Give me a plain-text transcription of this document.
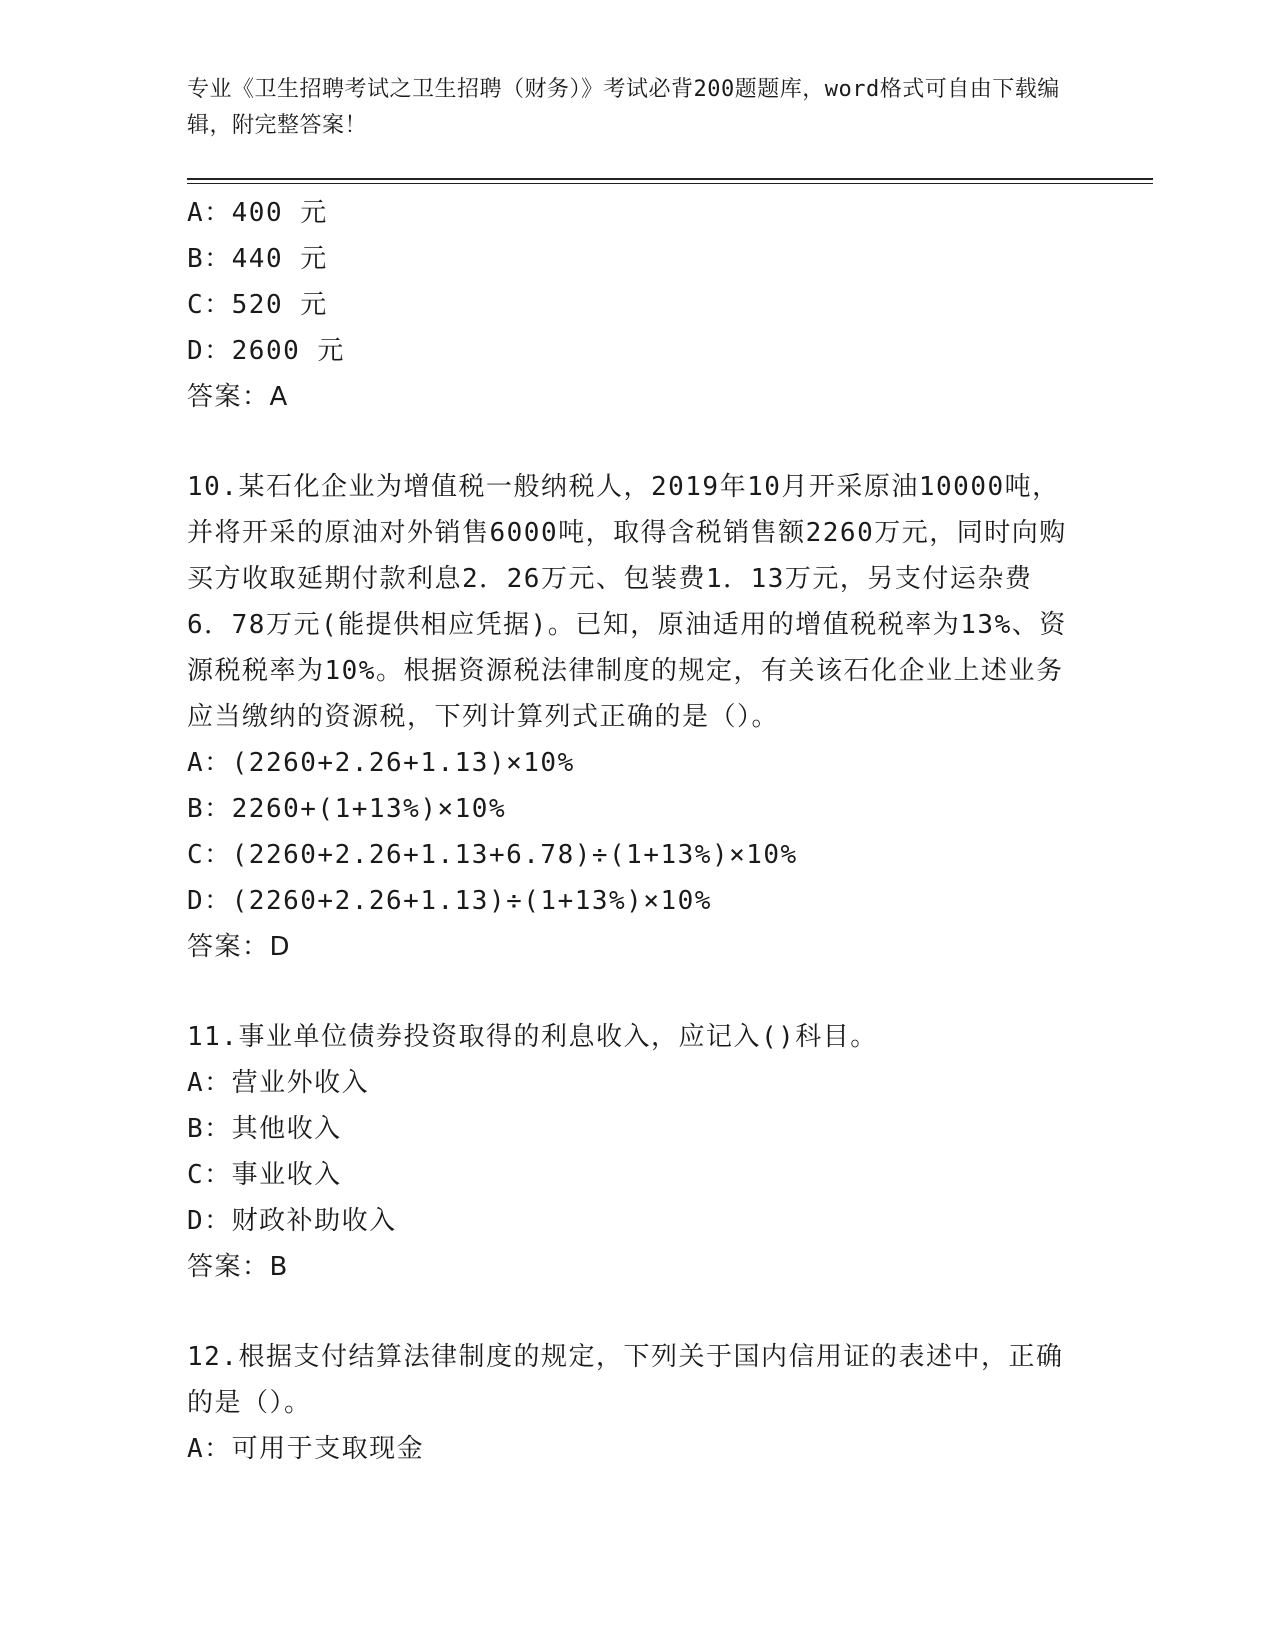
专业《卫生招聘考试之卫生招聘（财务）》考试必背200题题库，word格式可自由下载编辑，附完整答案！
A：400 元
B：440 元
C：520 元
D：2600 元
答案：A
10.某石化企业为增值税一般纳税人，2019年10月开采原油10000吨，并将开采的原油对外销售6000吨，取得含税销售额2260万元，同时向购买方收取延期付款利息2．26万元、包装费1．13万元，另支付运杂费6．78万元(能提供相应凭据)。已知，原油适用的增值税税率为13%、资源税税率为10%。根据资源税法律制度的规定，有关该石化企业上述业务应当缴纳的资源税，下列计算列式正确的是（）。
A：(2260+2.26+1.13)×10%
B：2260+(1+13%)×10%
C：(2260+2.26+1.13+6.78)÷(1+13%)×10%
D：(2260+2.26+1.13)÷(1+13%)×10%
答案：D
11.事业单位债券投资取得的利息收入，应记入()科目。
A：营业外收入
B：其他收入
C：事业收入
D：财政补助收入
答案：B
12.根据支付结算法律制度的规定，下列关于国内信用证的表述中，正确的是（）。
A：可用于支取现金
